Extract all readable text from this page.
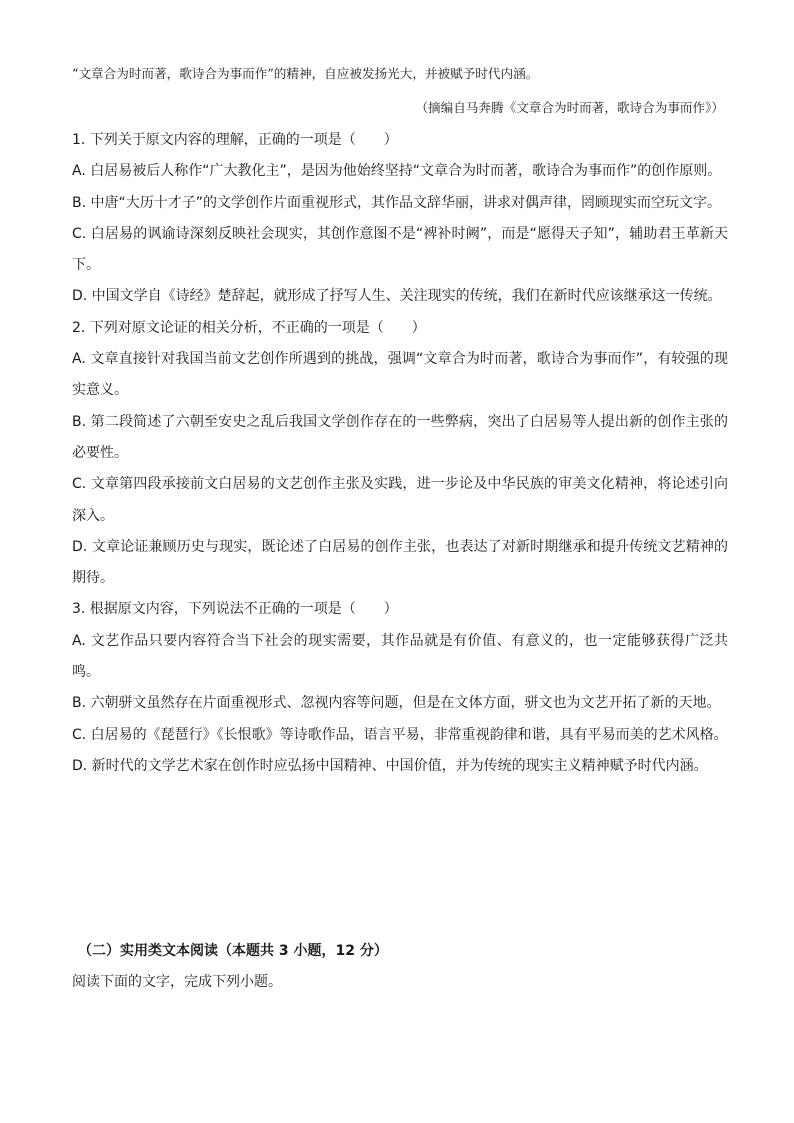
“文章合为时而著，歌诗合为事而作”的精神，自应被发扬光大，并被赋予时代内涵。
（摘编自马奔腾《文章合为时而著，歌诗合为事而作》）

1. 下列关于原文内容的理解，正确的一项是（　　）

A. 白居易被后人称作“广大教化主”，是因为他始终坚持“文章合为时而著，歌诗合为事而作”的创作原则。

B. 中唐“大历十才子”的文学创作片面重视形式，其作品文辞华丽，讲求对偶声律，罔顾现实而空玩文字。

C. 白居易的讽谕诗深刻反映社会现实，其创作意图不是“裨补时阙”，而是“愿得天子知”，辅助君王革新天下。

D. 中国文学自《诗经》楚辞起，就形成了抒写人生、关注现实的传统，我们在新时代应该继承这一传统。

2. 下列对原文论证的相关分析，不正确的一项是（　　）

A. 文章直接针对我国当前文艺创作所遇到的挑战，强调“文章合为时而著，歌诗合为事而作”，有较强的现实意义。

B. 第二段简述了六朝至安史之乱后我国文学创作存在的一些弊病，突出了白居易等人提出新的创作主张的必要性。

C. 文章第四段承接前文白居易的文艺创作主张及实践，进一步论及中华民族的审美文化精神，将论述引向深入。

D. 文章论证兼顾历史与现实，既论述了白居易的创作主张，也表达了对新时期继承和提升传统文艺精神的期待。

3. 根据原文内容，下列说法不正确的一项是（　　）

A. 文艺作品只要内容符合当下社会的现实需要，其作品就是有价值、有意义的，也一定能够获得广泛共鸣。

B. 六朝骈文虽然存在片面重视形式、忽视内容等问题，但是在文体方面，骈文也为文艺开拓了新的天地。

C. 白居易的《琵琶行》《长恨歌》等诗歌作品，语言平易，非常重视韵律和谐，具有平易而美的艺术风格。

D. 新时代的文学艺术家在创作时应弘扬中国精神、中国价值，并为传统的现实主义精神赋予时代内涵。

（二）实用类文本阅读（本题共 3 小题，12 分）
阅读下面的文字，完成下列小题。
